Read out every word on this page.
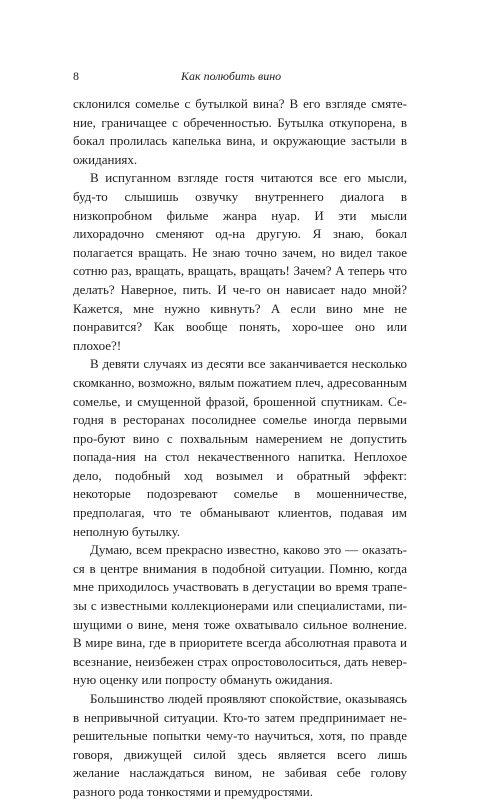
8	Как полюбить вино

склонился сомелье с бутылкой вина? В его взгляде смяте-ние, граничащее с обреченностью. Бутылка откупорена, в бокал пролилась капелька вина, и окружающие застыли в ожиданиях.

В испуганном взгляде гостя читаются все его мысли, буд-то слышишь озвучку внутреннего диалога в низкопробном фильме жанра нуар. И эти мысли лихорадочно сменяют од-на другую. Я знаю, бокал полагается вращать. Не знаю точно зачем, но видел такое сотню раз, вращать, вращать, вращать! Зачем? А теперь что делать? Наверное, пить. И че-го он нависает надо мной? Кажется, мне нужно кивнуть? А если вино мне не понравится? Как вообще понять, хоро-шее оно или плохое?!

В девяти случаях из десяти все заканчивается несколько скомканно, возможно, вялым пожатием плеч, адресованным сомелье, и смущенной фразой, брошенной спутникам. Се-годня в ресторанах посолиднее сомелье иногда первыми про-буют вино с похвальным намерением не допустить попада-ния на стол некачественного напитка. Неплохое дело, подобный ход возымел и обратный эффект: некоторые подозревают сомелье в мошенничестве, предполагая, что те обманывают клиентов, подавая им неполную бутылку.

Думаю, всем прекрасно известно, каково это — оказать-ся в центре внимания в подобной ситуации. Помню, когда мне приходилось участвовать в дегустации во время трапе-зы с известными коллекционерами или специалистами, пи-шущими о вине, меня тоже охватывало сильное волнение. В мире вина, где в приоритете всегда абсолютная правота и всезнание, неизбежен страх опростоволоситься, дать невер-ную оценку или попросту обмануть ожидания.

Большинство людей проявляют спокойствие, оказываясь в непривычной ситуации. Кто-то затем предпринимает не-решительные попытки чему-то научиться, хотя, по правде говоря, движущей силой здесь является всего лишь желание наслаждаться вином, не забивая себе голову разного рода тонкостями и премудростями.
